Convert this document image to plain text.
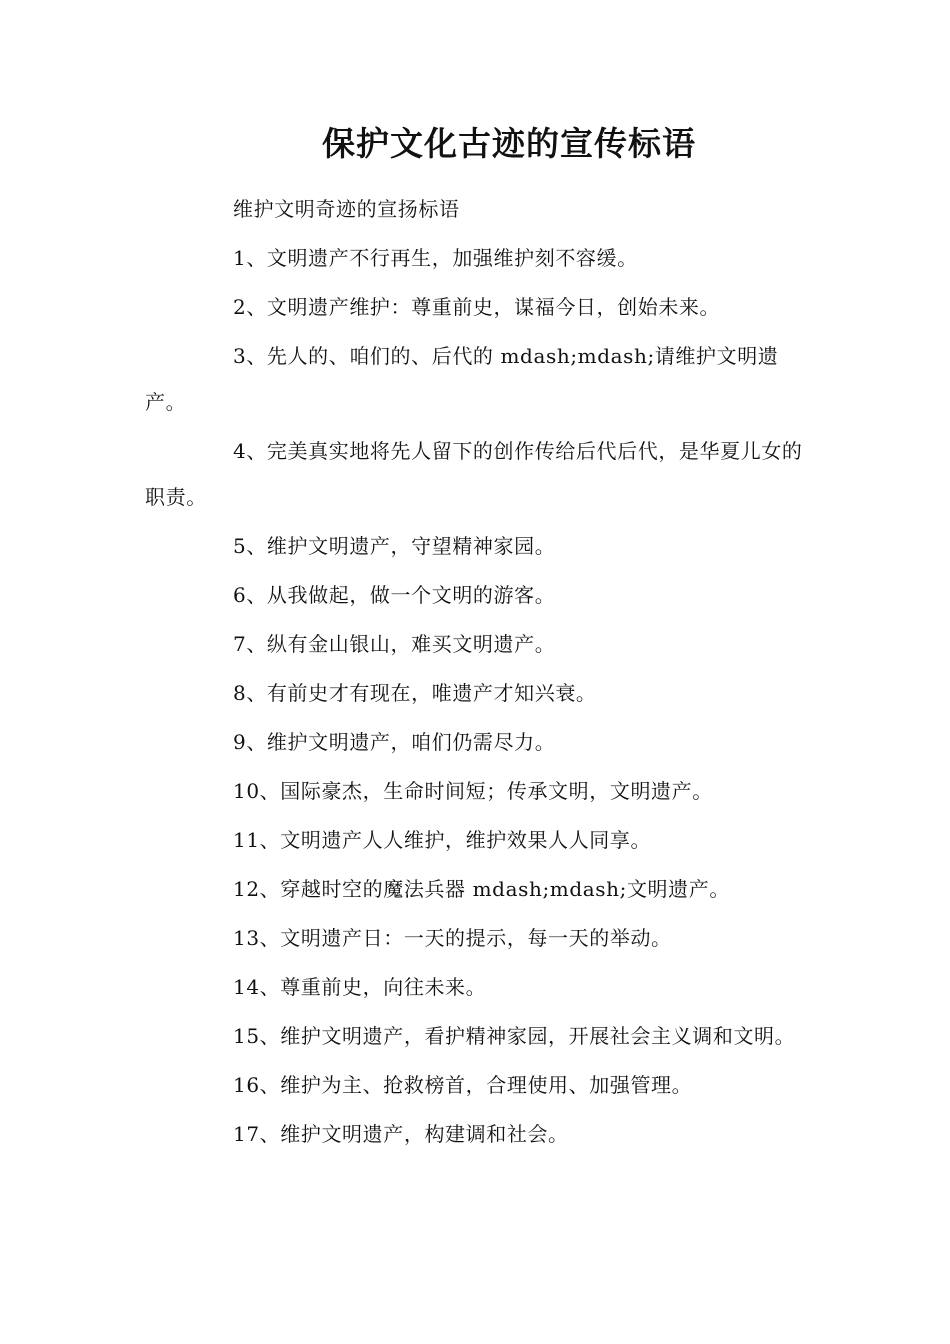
保护文化古迹的宣传标语

维护文明奇迹的宣扬标语

1、文明遗产不行再生，加强维护刻不容缓。

2、文明遗产维护：尊重前史，谋福今日，创始未来。

3、先人的、咱们的、后代的 mdash;mdash;请维护文明遗产。

4、完美真实地将先人留下的创作传给后代后代，是华夏儿女的职责。

5、维护文明遗产，守望精神家园。

6、从我做起，做一个文明的游客。

7、纵有金山银山，难买文明遗产。

8、有前史才有现在，唯遗产才知兴衰。

9、维护文明遗产，咱们仍需尽力。

10、国际豪杰，生命时间短；传承文明，文明遗产。

11、文明遗产人人维护，维护效果人人同享。

12、穿越时空的魔法兵器 mdash;mdash;文明遗产。

13、文明遗产日：一天的提示，每一天的举动。

14、尊重前史，向往未来。

15、维护文明遗产，看护精神家园，开展社会主义调和文明。

16、维护为主、抢救榜首，合理使用、加强管理。

17、维护文明遗产，构建调和社会。
